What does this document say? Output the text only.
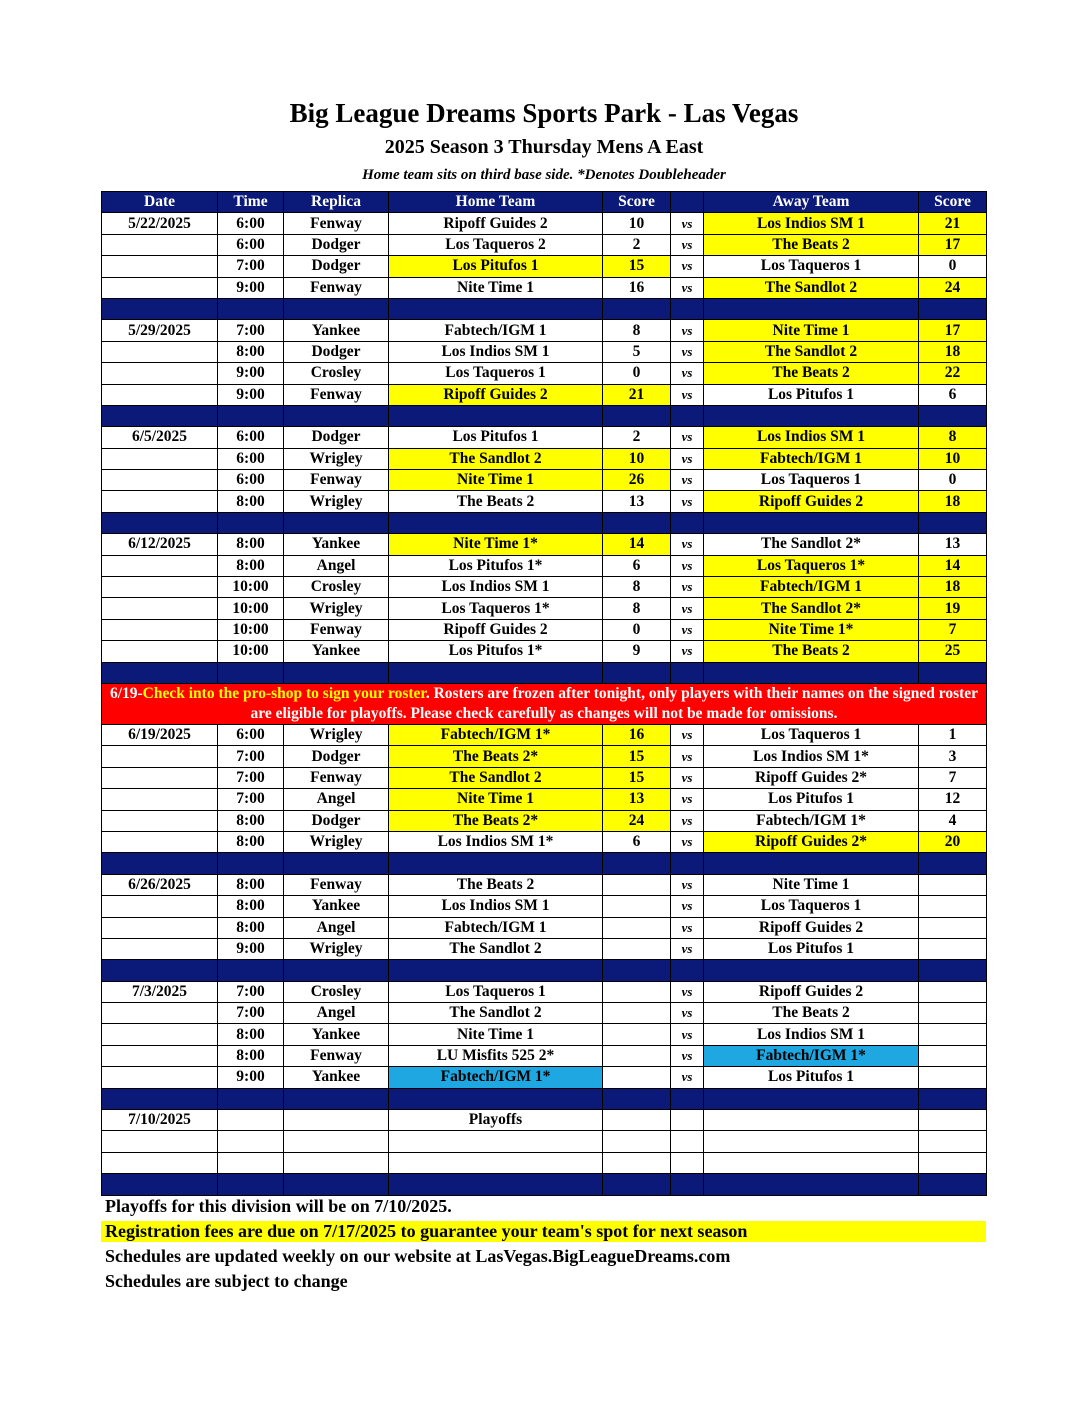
Big League Dreams Sports Park - Las Vegas
2025 Season 3 Thursday Mens A East
Home team sits on third base side. *Denotes Doubleheader
Date	Time	Replica	Home Team	Score		Away Team	Score
5/22/2025	6:00	Fenway	Ripoff Guides 2	10	vs	Los Indios SM 1	21
	6:00	Dodger	Los Taqueros 2	2	vs	The Beats 2	17
	7:00	Dodger	Los Pitufos 1	15	vs	Los Taqueros 1	0
	9:00	Fenway	Nite Time 1	16	vs	The Sandlot 2	24

5/29/2025	7:00	Yankee	Fabtech/IGM 1	8	vs	Nite Time 1	17
	8:00	Dodger	Los Indios SM 1	5	vs	The Sandlot 2	18
	9:00	Crosley	Los Taqueros 1	0	vs	The Beats 2	22
	9:00	Fenway	Ripoff Guides 2	21	vs	Los Pitufos 1	6

6/5/2025	6:00	Dodger	Los Pitufos 1	2	vs	Los Indios SM 1	8
	6:00	Wrigley	The Sandlot 2	10	vs	Fabtech/IGM 1	10
	6:00	Fenway	Nite Time 1	26	vs	Los Taqueros 1	0
	8:00	Wrigley	The Beats 2	13	vs	Ripoff Guides 2	18

6/12/2025	8:00	Yankee	Nite Time 1*	14	vs	The Sandlot 2*	13
	8:00	Angel	Los Pitufos 1*	6	vs	Los Taqueros 1*	14
	10:00	Crosley	Los Indios SM 1	8	vs	Fabtech/IGM 1	18
	10:00	Wrigley	Los Taqueros 1*	8	vs	The Sandlot 2*	19
	10:00	Fenway	Ripoff Guides 2	0	vs	Nite Time 1*	7
	10:00	Yankee	Los Pitufos 1*	9	vs	The Beats 2	25

6/19-Check into the pro-shop to sign your roster. Rosters are frozen after tonight, only players with their names on the signed roster are eligible for playoffs. Please check carefully as changes will not be made for omissions.							
6/19/2025	6:00	Wrigley	Fabtech/IGM 1*	16	vs	Los Taqueros 1	1
	7:00	Dodger	The Beats 2*	15	vs	Los Indios SM 1*	3
	7:00	Fenway	The Sandlot 2	15	vs	Ripoff Guides 2*	7
	7:00	Angel	Nite Time 1	13	vs	Los Pitufos 1	12
	8:00	Dodger	The Beats 2*	24	vs	Fabtech/IGM 1*	4
	8:00	Wrigley	Los Indios SM 1*	6	vs	Ripoff Guides 2*	20

6/26/2025	8:00	Fenway	The Beats 2		vs	Nite Time 1	
	8:00	Yankee	Los Indios SM 1		vs	Los Taqueros 1	
	8:00	Angel	Fabtech/IGM 1		vs	Ripoff Guides 2	
	9:00	Wrigley	The Sandlot 2		vs	Los Pitufos 1	

7/3/2025	7:00	Crosley	Los Taqueros 1		vs	Ripoff Guides 2	
	7:00	Angel	The Sandlot 2		vs	The Beats 2	
	8:00	Yankee	Nite Time 1		vs	Los Indios SM 1	
	8:00	Fenway	LU Misfits 525 2*		vs	Fabtech/IGM 1*	
	9:00	Yankee	Fabtech/IGM 1*		vs	Los Pitufos 1	

7/10/2025			Playoffs				

Playoffs for this division will be on 7/10/2025.
Registration fees are due on 7/17/2025 to guarantee your team's spot for next season
Schedules are updated weekly on our website at LasVegas.BigLeagueDreams.com
Schedules are subject to change
